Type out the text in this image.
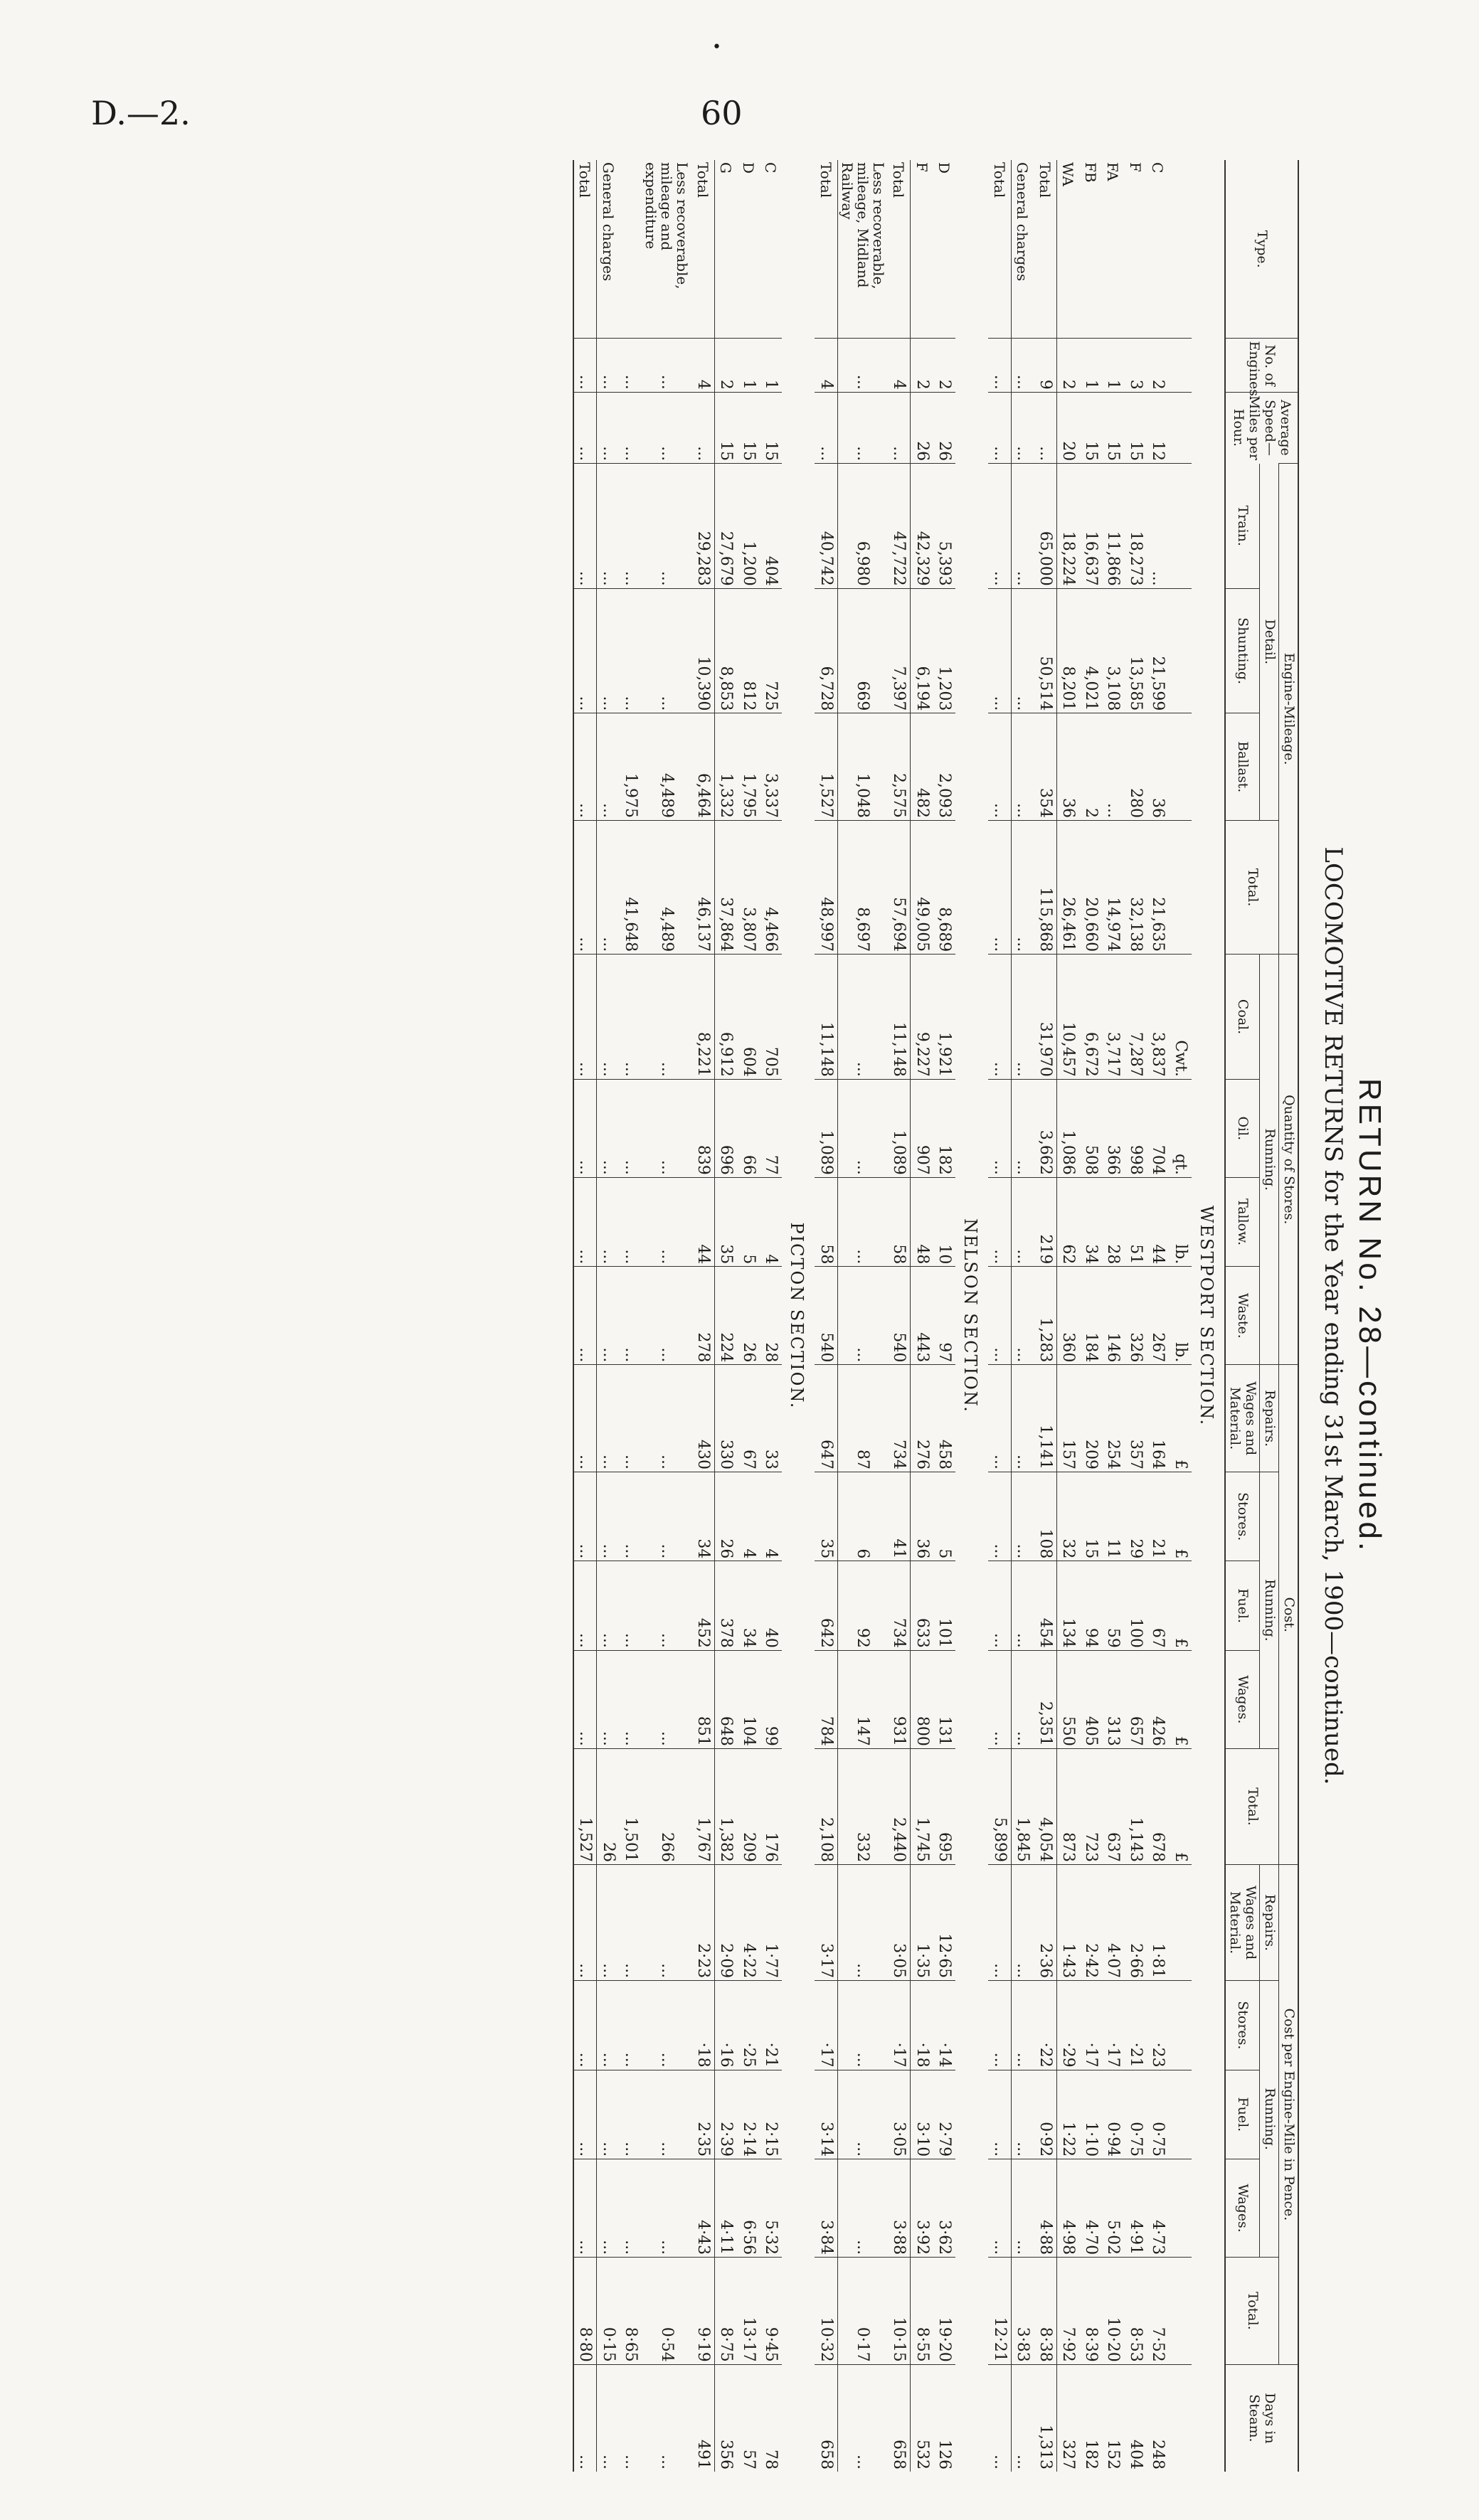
•
D.—2.	60
RETURN No. 28—continued.
LOCOMOTIVE RETURNS for the Year ending 31st March, 1900—continued.
Type.	No. of Engines.	Average Speed—Miles per Hour.	Engine-Mileage.				Quantity of Stores.				Cost.					Cost per Engine-Mile in Pence.					Days in Steam.
			Detail.			Total.	Running.				Repairs.	Running.			Total.	Repairs.	Running.			Total.	
			Train.	Shunting.	Ballast.		Coal.	Oil.	Tallow.	Waste.	Wages and Material.	Stores.	Fuel.	Wages.		Wages and Material.	Stores.	Fuel.	Wages.		
WESTPORT SECTION.																					
							Cwt.	qt.	lb.	lb.	£	£	£	£	£						
C	2	12	...	21,599	36	21,635	3,837	704	44	267	164	21	67	426	678	1·81	·23	0·75	4·73	7·52	248
F	3	15	18,273	13,585	280	32,138	7,287	998	51	326	357	29	100	657	1,143	2·66	·21	0·75	4·91	8·53	404
FA	1	15	11,866	3,108	...	14,974	3,717	366	28	146	254	11	59	313	637	4·07	·17	0·94	5·02	10·20	152
FB	1	15	16,637	4,021	2	20,660	6,672	508	34	184	209	15	94	405	723	2·42	·17	1·10	4·70	8·39	182
WA	2	20	18,224	8,201	36	26,461	10,457	1,086	62	360	157	32	134	550	873	1·43	·29	1·22	4·98	7·92	327
Total	9	...	65,000	50,514	354	115,868	31,970	3,662	219	1,283	1,141	108	454	2,351	4,054	2·36	·22	0·92	4·88	8·38	1,313
General charges	...	...	...	...	...	...	...	...	...	...	...	...	...	...	1,845	...	...	...	...	3·83	...
Total	...	...	...	...	...	...	...	...	...	...	...	...	...	...	5,899	...	...	...	...	12·21	...
NELSON SECTION.																					
D	2	26	5,393	1,203	2,093	8,689	1,921	182	10	97	458	5	101	131	695	12·65	·14	2·79	3·62	19·20	126
F	2	26	42,329	6,194	482	49,005	9,227	907	48	443	276	36	633	800	1,745	1·35	·18	3·10	3·92	8·55	532
Total	4	...	47,722	7,397	2,575	57,694	11,148	1,089	58	540	734	41	734	931	2,440	3·05	·17	3·05	3·88	10·15	658
Less recoverable, mileage, Midland Railway	...	...	6,980	669	1,048	8,697	...	...	...	...	87	6	92	147	332	...	...	...	...	0·17	...
Total	4	...	40,742	6,728	1,527	48,997	11,148	1,089	58	540	647	35	642	784	2,108	3·17	·17	3·14	3·84	10·32	658
PICTON SECTION.																					
C	1	15	404	725	3,337	4,466	705	77	4	28	33	4	40	99	176	1·77	·21	2·15	5·32	9·45	78
D	1	15	1,200	812	1,795	3,807	604	66	5	26	67	4	34	104	209	4·22	·25	2·14	6·56	13·17	57
G	2	15	27,679	8,853	1,332	37,864	6,912	696	35	224	330	26	378	648	1,382	2·09	·16	2·39	4·11	8·75	356
Total	4	...	29,283	10,390	6,464	46,137	8,221	839	44	278	430	34	452	851	1,767	2·23	·18	2·35	4·43	9·19	491
Less recoverable, mileage and expenditure	...	...	...	...	4,489	4,489	...	...	...	...	...	...	...	...	266	...	...	...	...	0·54	...
	...	...	...	...	1,975	41,648	...	...	...	...	...	...	...	...	1,501	...	...	...	...	8·65	...
General charges	...	...	...	...	...	...	...	...	...	...	...	...	...	...	26	...	...	...	...	0·15	...
Total	...	...	...	...	...	...	...	...	...	...	...	...	...	...	1,527	...	...	...	...	8·80	...
